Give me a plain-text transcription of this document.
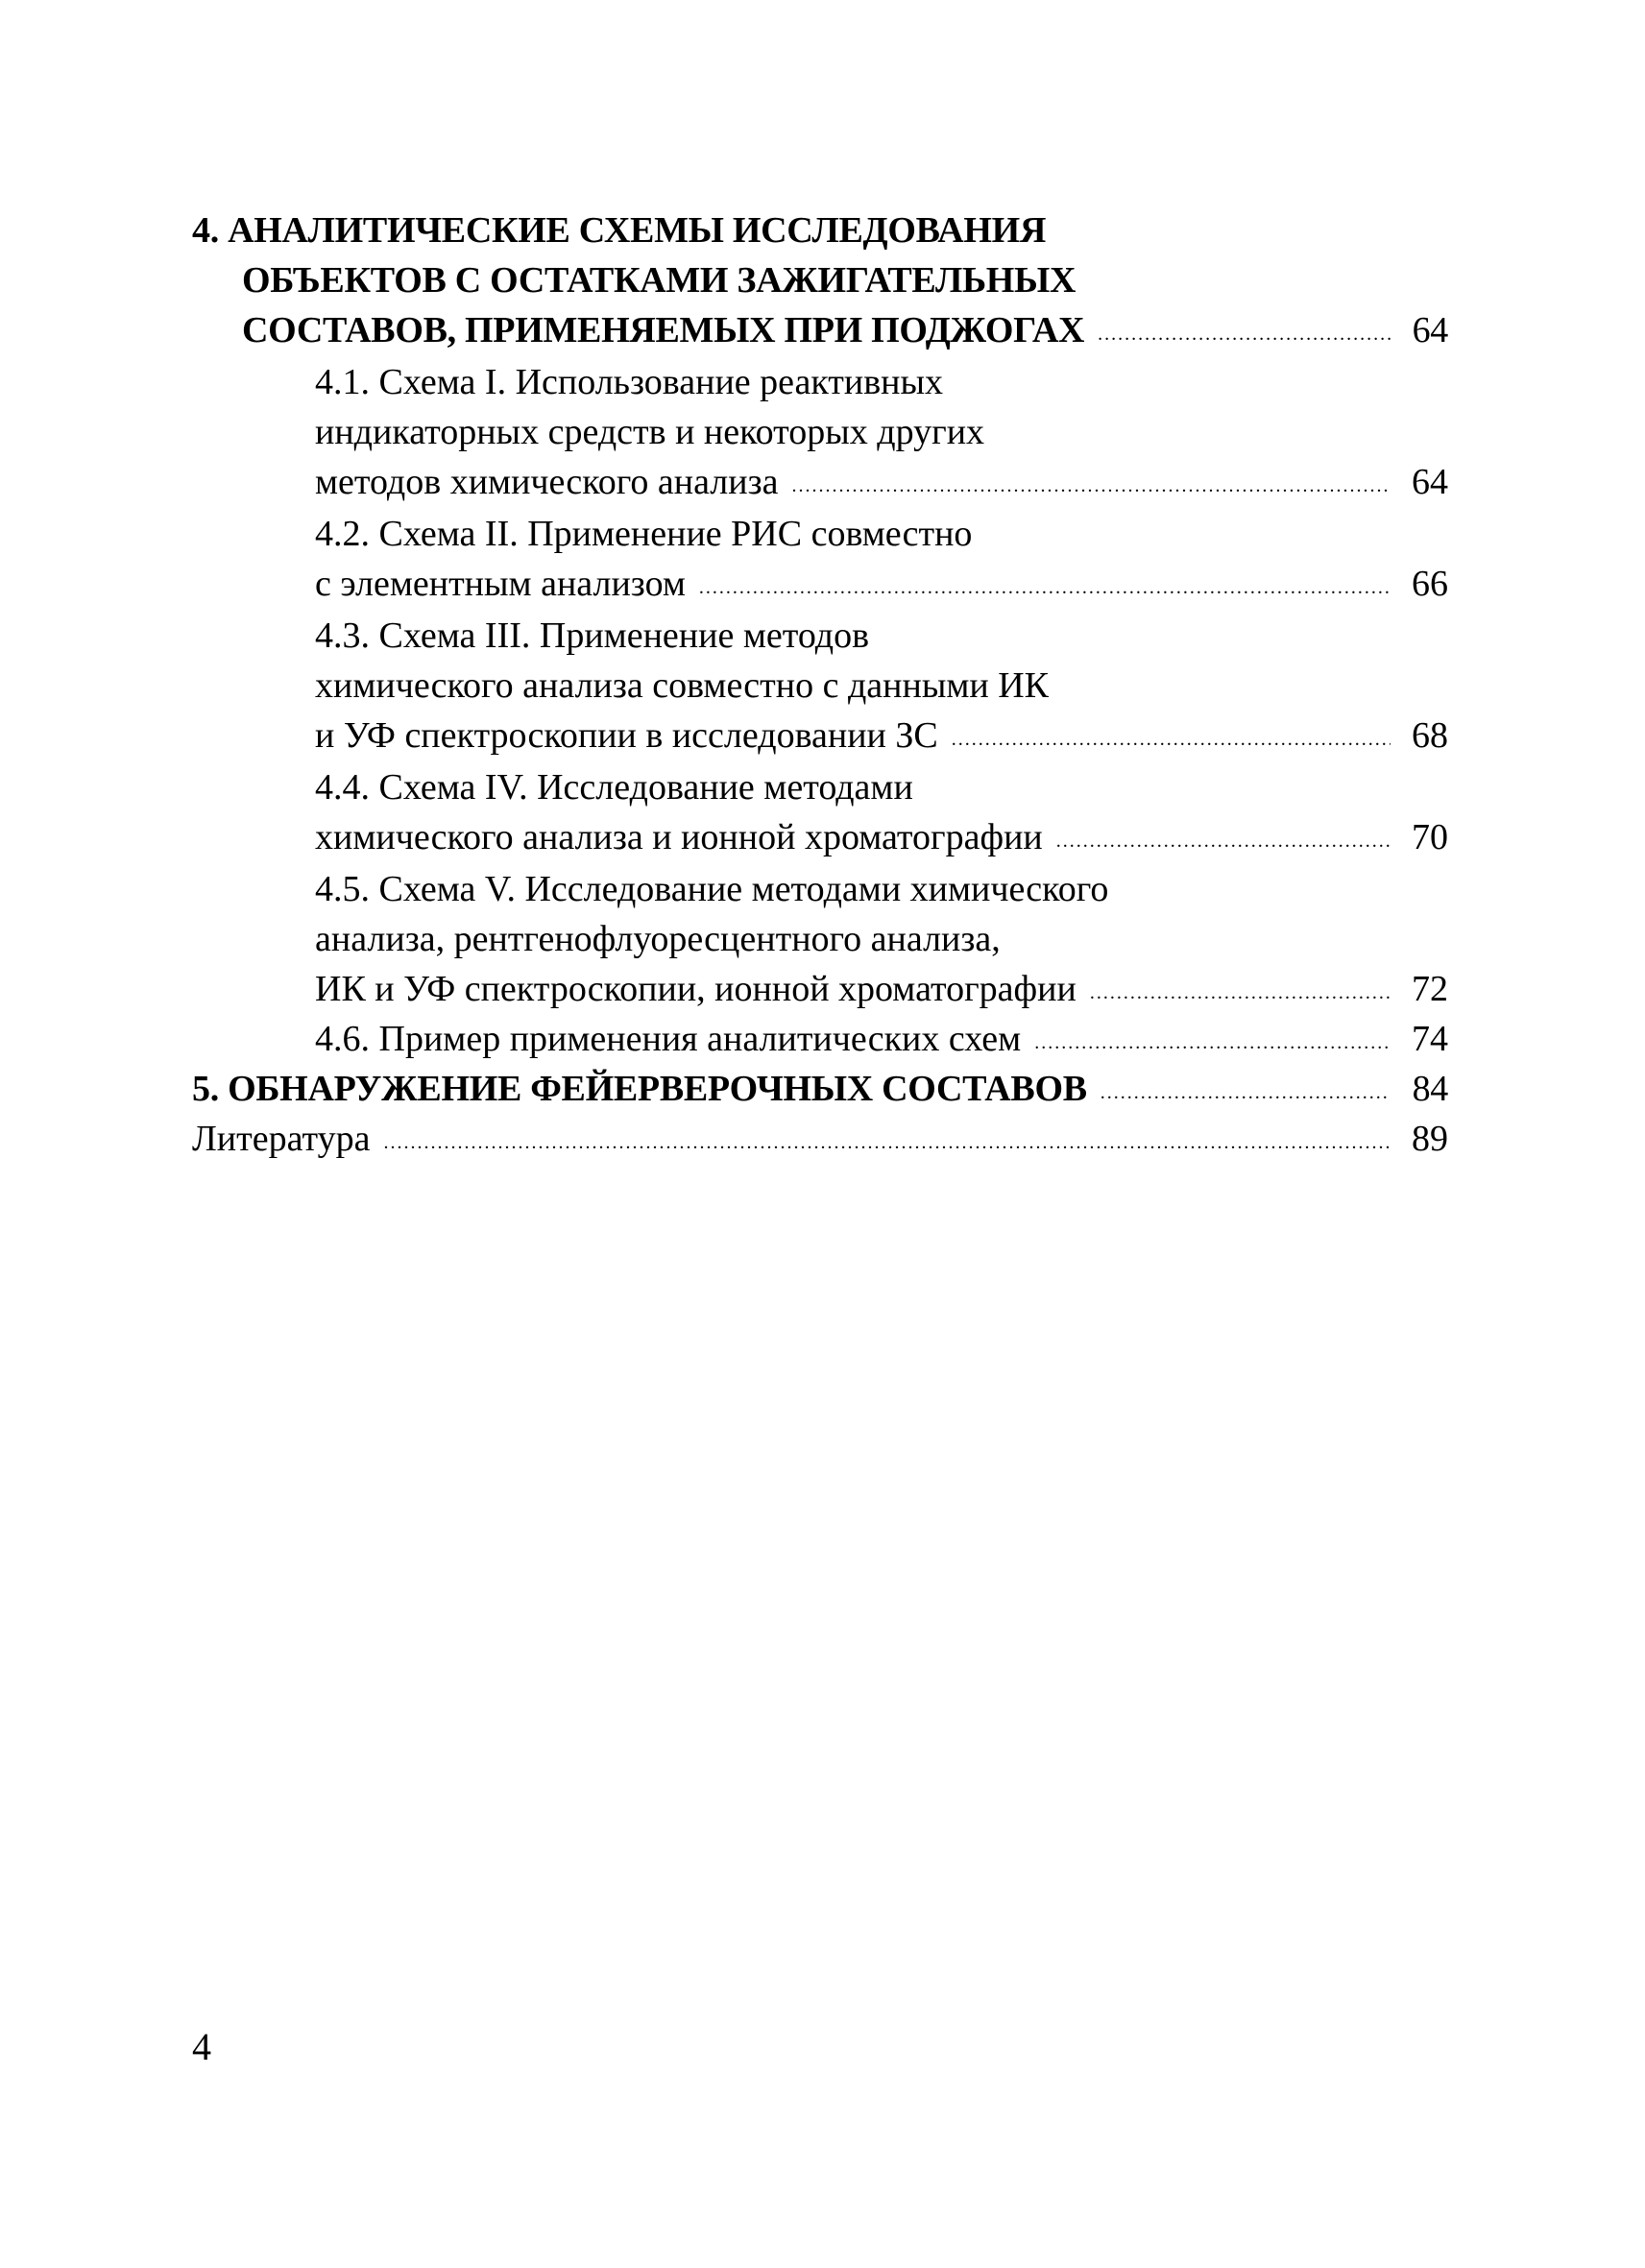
4. АНАЛИТИЧЕСКИЕ СХЕМЫ ИССЛЕДОВАНИЯ
ОБЪЕКТОВ С ОСТАТКАМИ ЗАЖИГАТЕЛЬНЫХ
СОСТАВОВ, ПРИМЕНЯЕМЫХ ПРИ ПОДЖОГАХ .....	64
4.1. Схема I. Использование реактивных
индикаторных средств и некоторых других
методов химического анализа .....	64
4.2. Схема II. Применение РИС совместно
с элементным анализом .....	66
4.3. Схема III. Применение методов
химического анализа совместно с данными ИК
и УФ спектроскопии в исследовании ЗС .....	68
4.4. Схема IV. Исследование методами
химического анализа и ионной хроматографии .....	70
4.5. Схема V. Исследование методами химического
анализа, рентгенофлуоресцентного анализа,
ИК и УФ спектроскопии, ионной хроматографии .....	72
4.6. Пример применения аналитических схем .....	74
5. ОБНАРУЖЕНИЕ ФЕЙЕРВЕРОЧНЫХ СОСТАВОВ .....	84
Литература .....	89
4
